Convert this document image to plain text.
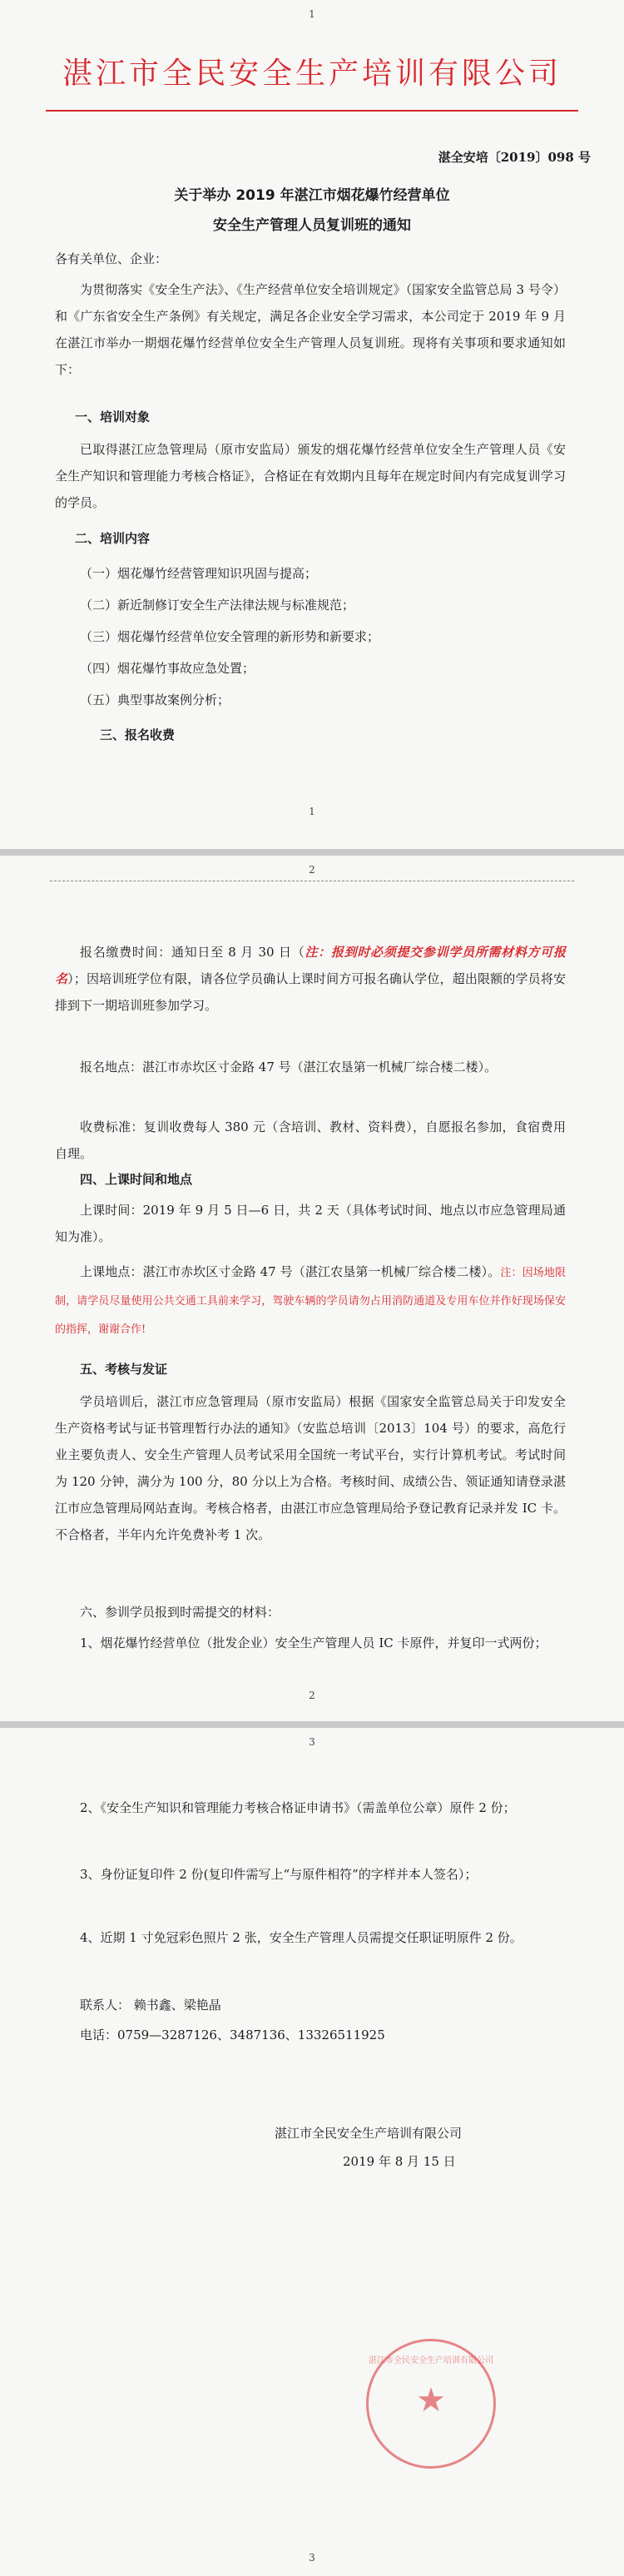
1
湛江市全民安全生产培训有限公司
湛全安培〔2019〕098 号
关于举办 2019 年湛江市烟花爆竹经营单位
安全生产管理人员复训班的通知
各有关单位、企业：
为贯彻落实《安全生产法》、《生产经营单位安全培训规定》（国家安全监管总局 3 号令）和《广东省安全生产条例》有关规定，满足各企业安全学习需求，本公司定于 2019 年 9 月在湛江市举办一期烟花爆竹经营单位安全生产管理人员复训班。现将有关事项和要求通知如下：
一、培训对象
已取得湛江应急管理局（原市安监局）颁发的烟花爆竹经营单位安全生产管理人员《安全生产知识和管理能力考核合格证》，合格证在有效期内且每年在规定时间内有完成复训学习的学员。
二、培训内容
（一）烟花爆竹经营管理知识巩固与提高；
（二）新近制修订安全生产法律法规与标准规范；
（三）烟花爆竹经营单位安全管理的新形势和新要求；
（四）烟花爆竹事故应急处置；
（五）典型事故案例分析；
三、报名收费
1
2
报名缴费时间：通知日至 8 月 30 日（注：报到时必须提交参训学员所需材料方可报名）；因培训班学位有限，请各位学员确认上课时间方可报名确认学位，超出限额的学员将安排到下一期培训班参加学习。
报名地点：湛江市赤坎区寸金路 47 号（湛江农垦第一机械厂综合楼二楼）。
收费标准：复训收费每人 380 元（含培训、教材、资料费），自愿报名参加，食宿费用自理。
四、上课时间和地点
上课时间：2019 年 9 月 5 日—6 日，共 2 天（具体考试时间、地点以市应急管理局通知为准）。
上课地点：湛江市赤坎区寸金路 47 号（湛江农垦第一机械厂综合楼二楼）。注：因场地限制，请学员尽量使用公共交通工具前来学习，驾驶车辆的学员请勿占用消防通道及专用车位并作好现场保安的指挥，谢谢合作!
五、考核与发证
学员培训后，湛江市应急管理局（原市安监局）根据《国家安全监管总局关于印发安全生产资格考试与证书管理暂行办法的通知》（安监总培训〔2013〕104 号）的要求，高危行业主要负责人、安全生产管理人员考试采用全国统一考试平台，实行计算机考试。考试时间为 120 分钟，满分为 100 分，80 分以上为合格。考核时间、成绩公告、领证通知请登录湛江市应急管理局网站查询。考核合格者，由湛江市应急管理局给予登记教育记录并发 IC 卡。不合格者，半年内允许免费补考 1 次。
六、参训学员报到时需提交的材料：
1、烟花爆竹经营单位（批发企业）安全生产管理人员 IC 卡原件，并复印一式两份；
2
3
2、《安全生产知识和管理能力考核合格证申请书》（需盖单位公章）原件 2 份；
3、身份证复印件 2 份(复印件需写上“与原件相符”的字样并本人签名）；
4、近期 1 寸免冠彩色照片 2 张，安全生产管理人员需提交任职证明原件 2 份。
联系人： 赖书鑫、梁艳晶
电话：0759—3287126、3487136、13326511925
湛江市全民安全生产培训有限公司
2019 年 8 月 15 日
3
湛江市全民安全生产培训有限公司
★
